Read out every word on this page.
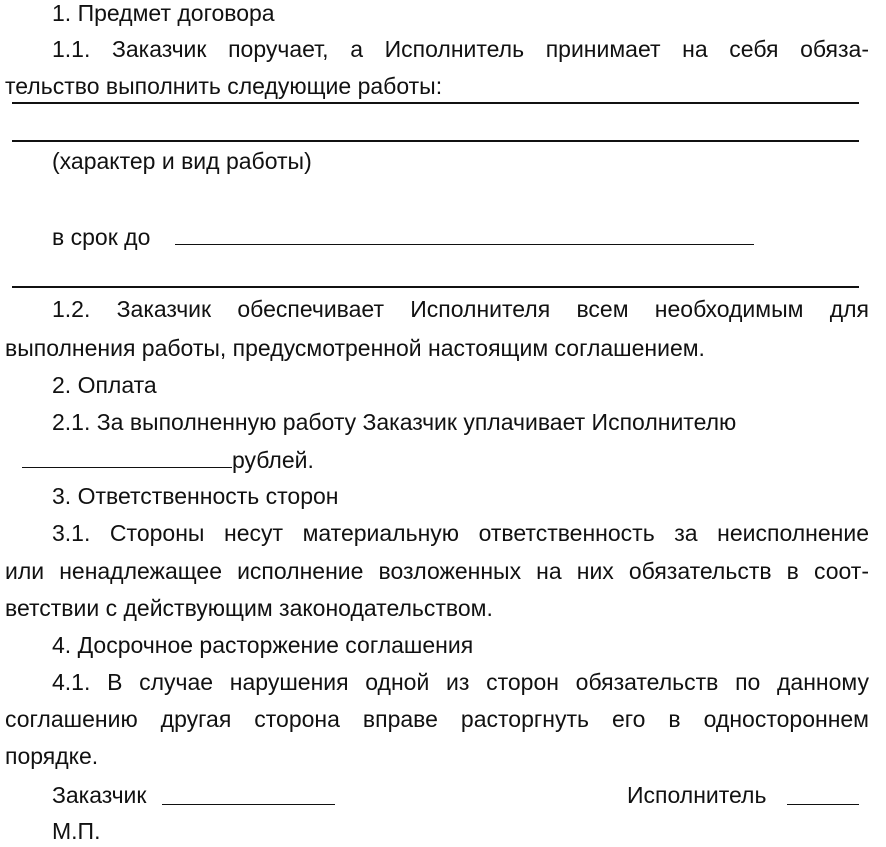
1. Предмет договора
1.1. Заказчик поручает, а Исполнитель принимает на себя обяза-
тельство выполнить следующие работы:
(характер и вид работы)
в срок до
1.2. Заказчик обеспечивает Исполнителя всем необходимым для
выполнения работы, предусмотренной настоящим соглашением.
2. Оплата
2.1. За выполненную работу Заказчик уплачивает Исполнителю
рублей.
3. Ответственность сторон
3.1. Стороны несут материальную ответственность за неисполнение
или ненадлежащее исполнение возложенных на них обязательств в соот-
ветствии с действующим законодательством.
4. Досрочное расторжение соглашения
4.1. В случае нарушения одной из сторон обязательств по данному
соглашению другая сторона вправе расторгнуть его в одностороннем
порядке.
Заказчик	Исполнитель
М.П.
